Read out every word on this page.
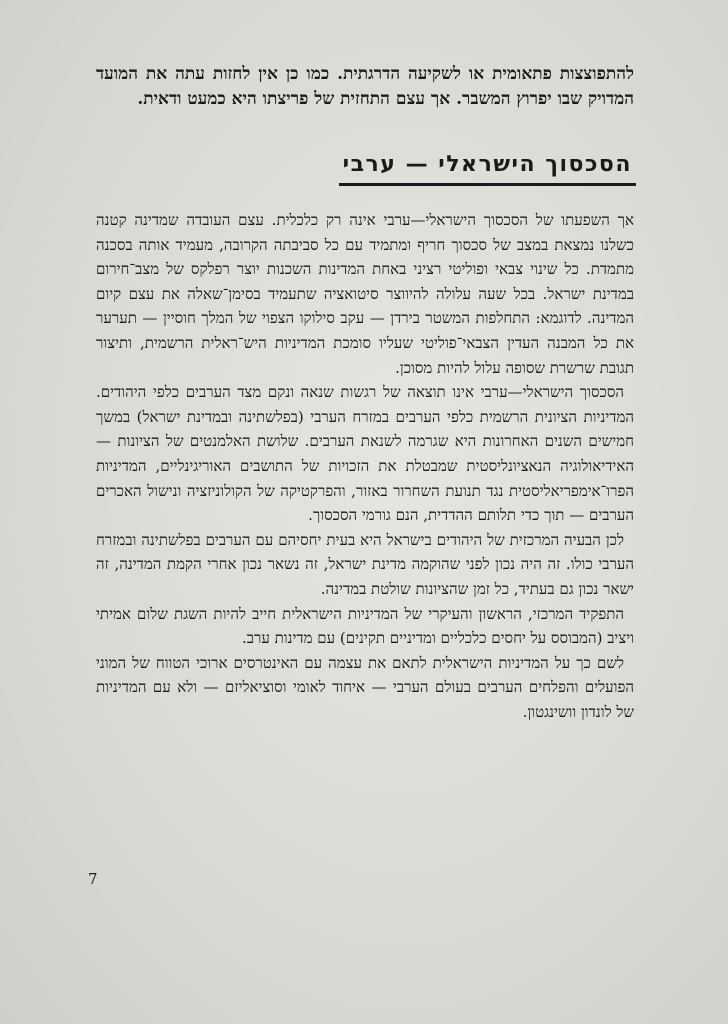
להתפוצצות פתאומית או לשקיעה הדרגתית. כמו כן אין לחזות עתה את המועד המדויק שבו יפרוץ המשבר. אך עצם התחזית של פריצתו היא כמעט ודאית.
הסכסוך הישראלי — ערבי

אך השפעתו של הסכסוך הישראלי—ערבי אינה רק כלכלית. עצם העובדה שמדינה קטנה כשלנו נמצאת במצב של סכסוך חריף ומתמיד עם כל סביבתה הקרובה, מעמיד אותה בסכנה מתמדת. כל שינוי צבאי ופוליטי רציני באחת המדינות השכנות יוצר רפלקס של מצב־חירום במדינת ישראל. בכל שעה עלולה להיווצר סיטואציה שתעמיד בסימן־שאלה את עצם קיום המדינה. לדוגמא: התחלפות המשטר בירדן — עקב סילוקו הצפוי של המלך חוסיין — תערער את כל המבנה העדין הצבאי־פוליטי שעליו סומכת המדיניות היש־ראלית הרשמית, ותיצור תגובת שרשרת שסופה עלול להיות מסוכן.

הסכסוך הישראלי—ערבי אינו תוצאה של רגשות שנאה ונקם מצד הערבים כלפי היהודים. המדיניות הציונית הרשמית כלפי הערבים במזרח הערבי (בפלשתינה ובמדינת ישראל) במשך חמישים השנים האחרונות היא שגרמה לשנאת הערבים. שלושת האלמנטים של הציונות — האידיאולוגיה הנאציונליסטית שמבטלת את הזכויות של התושבים האוריגינליים, המדיניות הפרו־אימפריאליסטית נגד תנועת השחרור באזור, והפרקטיקה של הקולוניזציה ונישול האכרים הערבים — תוך כדי תלותם ההדדית, הנם גורמי הסכסוך.

לכן הבעיה המרכזית של היהודים בישראל היא בעית יחסיהם עם הערבים בפלשתינה ובמזרח הערבי כולו. זה היה נכון לפני שהוקמה מדינת ישראל, זה נשאר נכון אחרי הקמת המדינה, זה ישאר נכון גם בעתיד, כל זמן שהציונות שולטת במדינה.

התפקיד המרכזי, הראשון והעיקרי של המדיניות הישראלית חייב להיות השגת שלום אמיתי ויציב (המבוסס על יחסים כלכליים ומדיניים תקינים) עם מדינות ערב.

לשם כך על המדיניות הישראלית לתאם את עצמה עם האינטרסים ארוכי הטווח של המוני הפועלים והפלחים הערבים בעולם הערבי — איחוד לאומי וסוציאליזם — ולא עם המדיניות של לונדון וושינגטון.

7
